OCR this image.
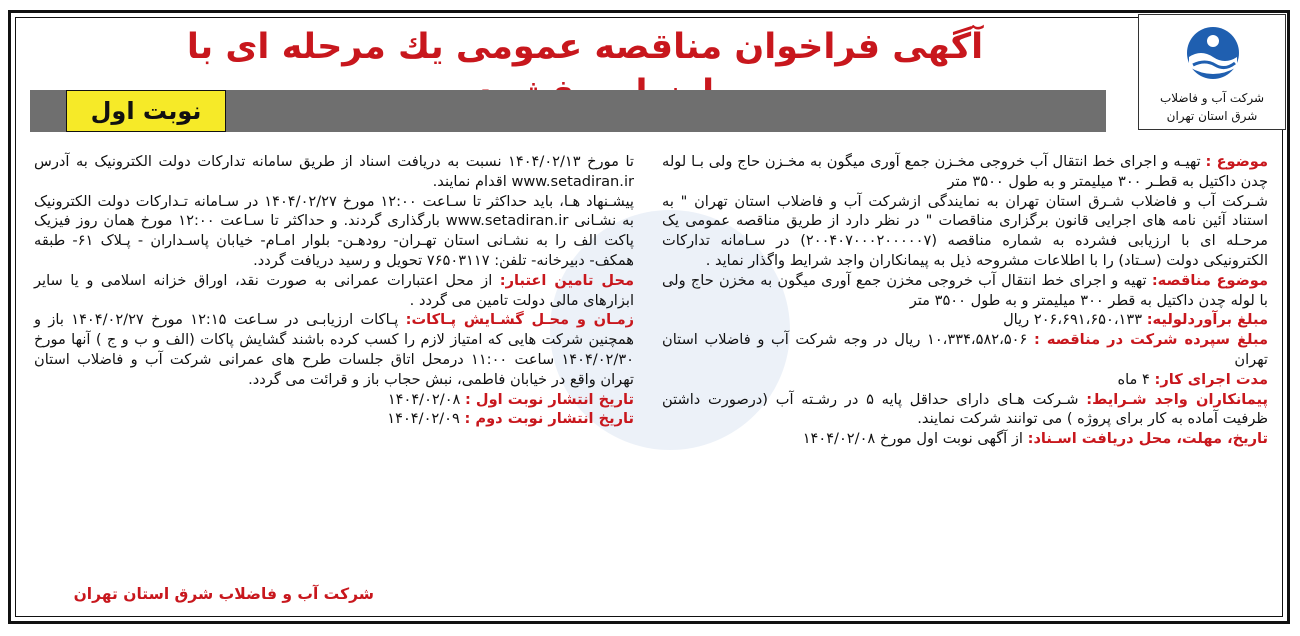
شرکت آب و فاضلاب
شرق استان تهران
آگهی فراخوان مناقصه عمومی یك مرحله ای با
نوبت اول

موضوع : تهیـه و اجرای خط انتقال آب خروجی مخـزن جمع آوری میگون به مخـزن حاج ولی بـا لوله چدن داکتیل به قطـر ۳۰۰ میلیمتر و به طول ۳۵۰۰ متر

شـرکت آب و فاضلاب شـرق استان تهران به نمایندگی ازشرکت آب و فاضلاب استان تهران " به استناد آئین نامه های اجرایی قانون برگزاری مناقصات " در نظر دارد از طریق مناقصه عمومی یک مرحـله ای با ارزیابی فشرده به شماره مناقصه (۲۰۰۴۰۷۰۰۰۲۰۰۰۰۰۷) در سـامانه تدارکات الکترونیکی دولت (سـتاد) را با اطلاعات مشروحه ذیل به پیمانکاران واجد شرایط واگذار نماید .

موضوع مناقصه: تهیه و اجرای خط انتقال آب خروجی مخزن جمع آوری میگون به مخزن حاج ولی با لوله چدن داکتیل به قطر ۳۰۰ میلیمتر و به طول ۳۵۰۰ متر

مبلغ برآوردلولیه: ۲۰۶،۶۹۱،۶۵۰،۱۳۳ ریال

مبلغ سپرده شرکت در مناقصه : ۱۰،۳۳۴،۵۸۲،۵۰۶ ریال در وجه شرکت آب و فاضلاب استان تهران

مدت اجرای کار: ۴ ماه

پیمانکاران واجد شـرایط: شـرکت هـای دارای حداقل پایه ۵ در رشـته آب (درصورت داشتن ظرفیت آماده به کار برای پروژه ) می توانند شرکت نمایند.

تاریخ، مهلت، محل دریافت اسـناد: از آگهی نوبت اول مورخ ۱۴۰۴/۰۲/۰۸

تا مورخ ۱۴۰۴/۰۲/۱۳ نسبت به دریافت اسناد از طریق سامانه تدارکات دولت الکترونیک به آدرس www.setadiran.ir اقدام نمایند.

پیشـنهاد هـا، باید حداکثر تا سـاعت ۱۲:۰۰ مورخ ۱۴۰۴/۰۲/۲۷ در سـامانه تـدارکات دولت الکترونیک به نشـانی www.setadiran.ir بارگذاری گردند. و حداکثر تا سـاعت ۱۲:۰۰ مورخ همان روز فیزیک پاکت الف را به نشـانی استان تهـران- رودهـن- بلوار امـام- خیابان پاسـداران - پـلاک ۶۱- طبقه همکف- دبیرخانه- تلفن: ۷۶۵۰۳۱۱۷ تحویل و رسید دریافت گردد.

محل تامین اعتبار: از محل اعتبارات عمرانی به صورت نقد، اوراق خزانه اسلامی و یا سایر ابزارهای مالی دولت تامین می گردد .

زمـان و محـل گشـایش پـاکات: پـاکات ارزیابـی در سـاعت ۱۲:۱۵ مورخ ۱۴۰۴/۰۲/۲۷ باز و همچنین شرکت هایی که امتیاز لازم را کسب کرده باشند گشایش پاکات (الف و ب و ج ) آنها مورخ ۱۴۰۴/۰۲/۳۰ ساعت ۱۱:۰۰ درمحل اتاق جلسات طرح های عمرانی شرکت آب و فاضلاب استان تهران واقع در خیابان فاطمی، نبش حجاب باز و قرائت می گردد.

تاریخ انتشار نوبت اول : ۱۴۰۴/۰۲/۰۸

تاریخ انتشار نوبت دوم : ۱۴۰۴/۰۲/۰۹

شرکت آب و فاضلاب شرق استان تهران
